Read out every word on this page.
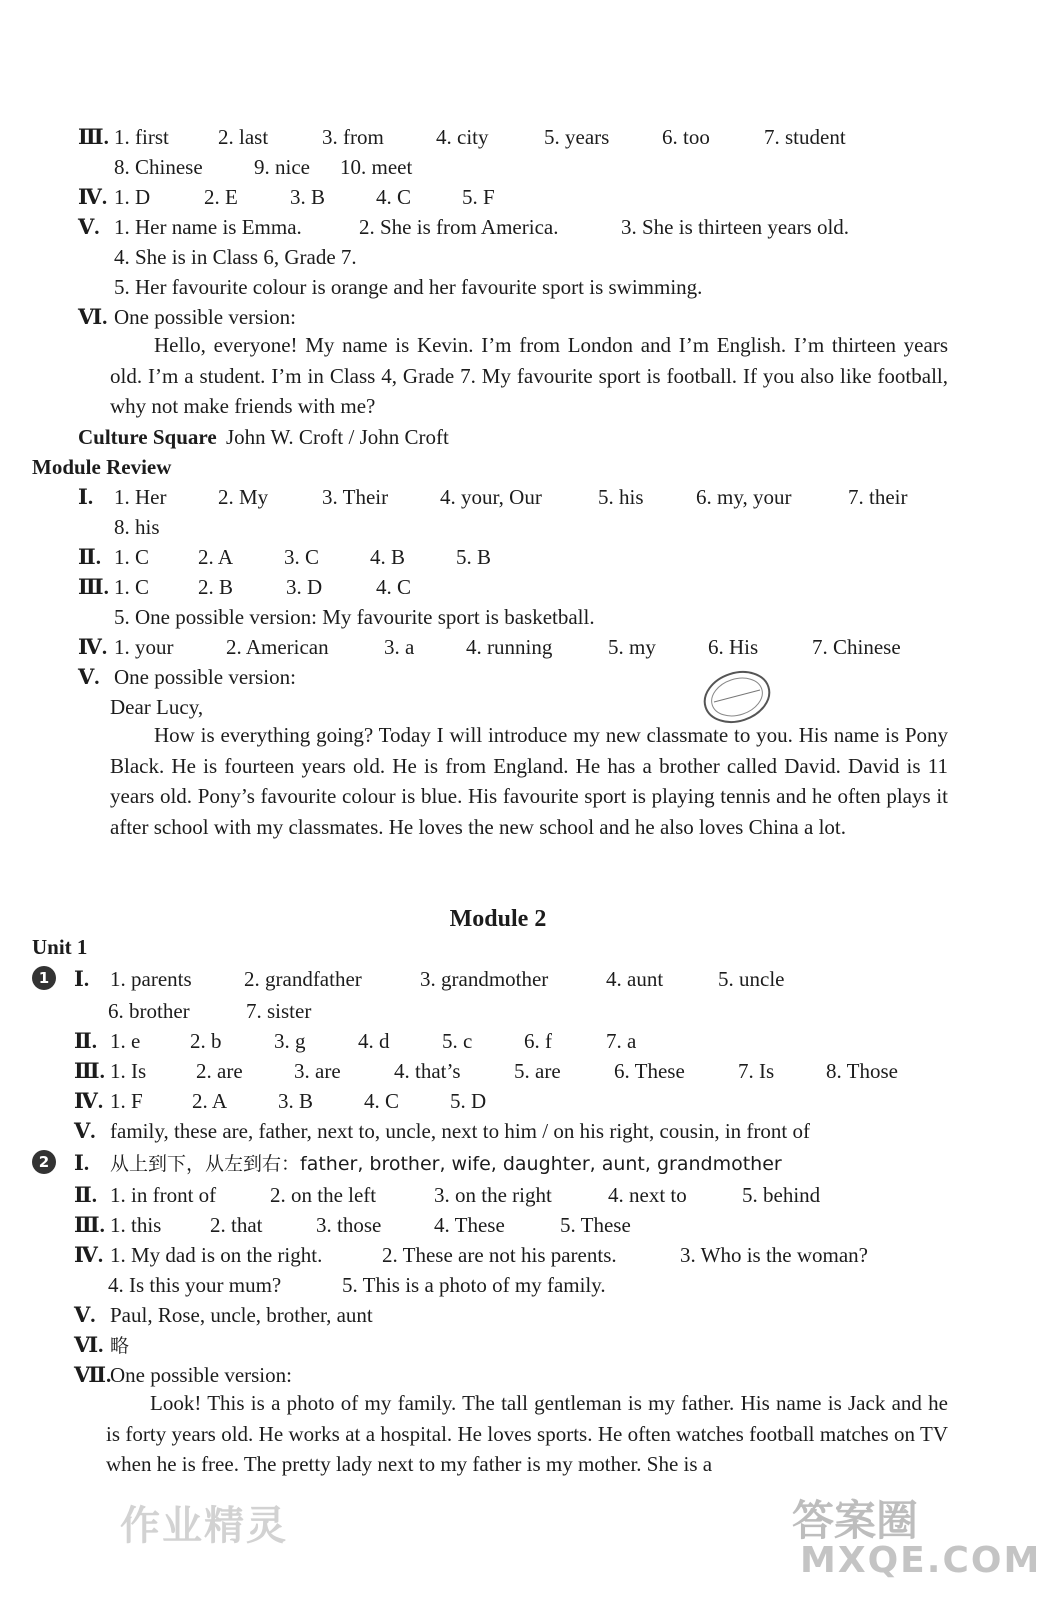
Ⅲ. 1. first 2. last	3. from 4. city	5. years	6. too	7. student
8. Chinese 9. nice 10. meet
Ⅳ. 1. D	2. E 3. B 4. C 5. F
Ⅴ. 1. Her name is Emma.	2. She is from America.	3. She is thirteen years old.
4. She is in Class 6, Grade 7.
5. Her favourite colour is orange and her favourite sport is swimming.
Ⅵ. One possible version:
Hello, everyone! My name is Kevin. I’m from London and I’m English. I’m thirteen years old. I’m a student. I’m in Class 4, Grade 7. My favourite sport is football. If you also like football, why not make friends with me?
Culture Square John W. Croft / John Croft
Module Review
Ⅰ. 1. Her 2. My	3. Their 4. your, Our	5. his 6. my, your	7. their
8. his
Ⅱ. 1. C 2. A 3. C 4. B 5. B
Ⅲ. 1. C 2. B	3. D	4. C
5. One possible version: My favourite sport is basketball.
Ⅳ. 1. your	2. American	3. a 4. running	5. my 6. His	7. Chinese
Ⅴ. One possible version:
Dear Lucy,
How is everything going? Today I will introduce my new classmate to you. His name is Pony Black. He is fourteen years old. He is from England. He has a brother called David. David is 11 years old. Pony’s favourite colour is blue. His favourite sport is playing tennis and he often plays it after school with my classmates. He loves the new school and he also loves China a lot.
Module 2
Unit 1
1	Ⅰ. 1. parents 2. grandfather	3. grandmother	4. aunt	5. uncle
6. brother	7. sister
Ⅱ. 1. e 2. b	3. g	4. d	5. c 6. f	7. a
Ⅲ. 1. Is 2. are 3. are	4. that’s	5. are	6. These	7. Is 8. Those
Ⅳ. 1. F 2. A 3. B 4. C 5. D
Ⅴ. family, these are, father, next to, uncle, next to him / on his right, cousin, in front of
2	Ⅰ. 从上到下，从左到右：father, brother, wife, daughter, aunt, grandmother
Ⅱ. 1. in front of	2. on the left	3. on the right	4. next to	5. behind
Ⅲ. 1. this 2. that	3. those	4. These	5. These
Ⅳ. 1. My dad is on the right.	2. These are not his parents.	3. Who is the woman?
4. Is this your mum?	5. This is a photo of my family.
Ⅴ. Paul, Rose, uncle, brother, aunt
Ⅵ. 略
Ⅶ.One possible version:
Look! This is a photo of my family. The tall gentleman is my father. His name is Jack and he is forty years old. He works at a hospital. He loves sports. He often watches football matches on TV when he is free. The pretty lady next to my father is my mother. She is a
作业精灵	答案圈
MXQE.COM
